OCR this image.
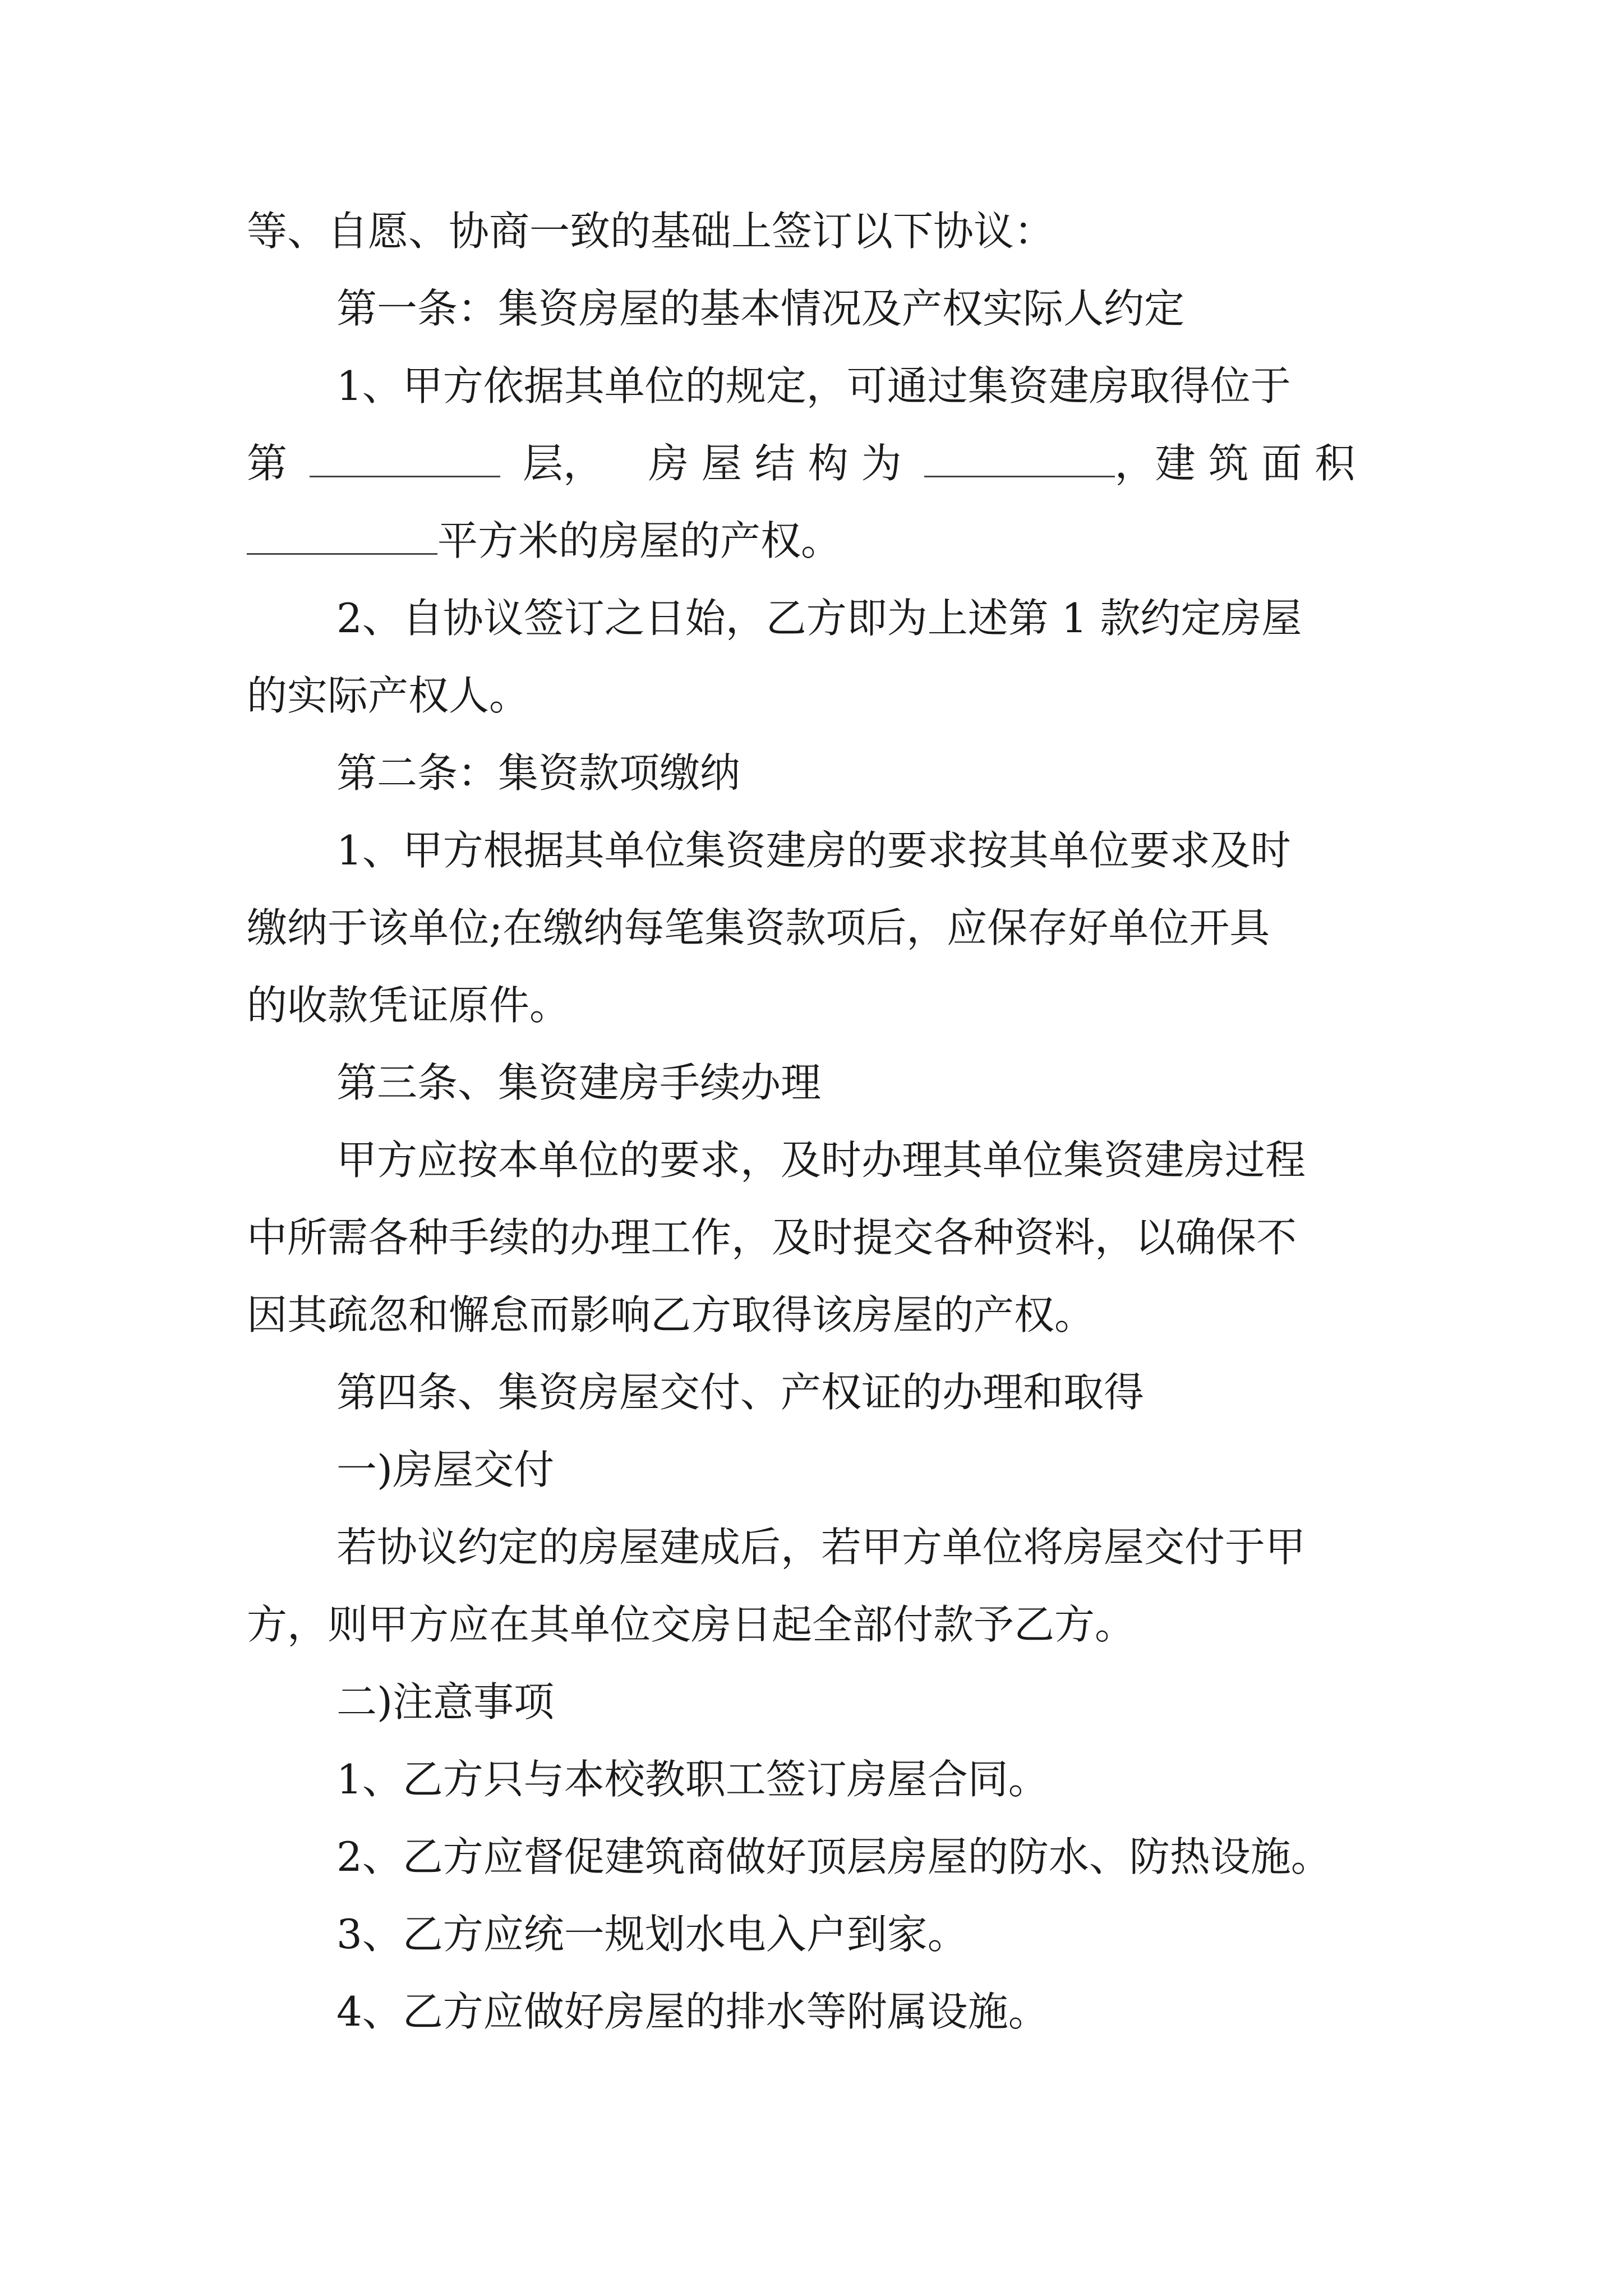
等、自愿、协商一致的基础上签订以下协议：

第一条：集资房屋的基本情况及产权实际人约定

1、甲方依据其单位的规定，可通过集资建房取得位于

第	层， 房 屋 结 构 为	，建 筑 面 积

平方米的房屋的产权。

2、自协议签订之日始，乙方即为上述第 1 款约定房屋

的实际产权人。

第二条：集资款项缴纳

1、甲方根据其单位集资建房的要求按其单位要求及时

缴纳于该单位;在缴纳每笔集资款项后，应保存好单位开具

的收款凭证原件。

第三条、集资建房手续办理

甲方应按本单位的要求，及时办理其单位集资建房过程

中所需各种手续的办理工作，及时提交各种资料，以确保不

因其疏忽和懈怠而影响乙方取得该房屋的产权。

第四条、集资房屋交付、产权证的办理和取得

一)房屋交付

若协议约定的房屋建成后，若甲方单位将房屋交付于甲

方，则甲方应在其单位交房日起全部付款予乙方。

二)注意事项

1、乙方只与本校教职工签订房屋合同。

2、乙方应督促建筑商做好顶层房屋的防水、防热设施。

3、乙方应统一规划水电入户到家。

4、乙方应做好房屋的排水等附属设施。
